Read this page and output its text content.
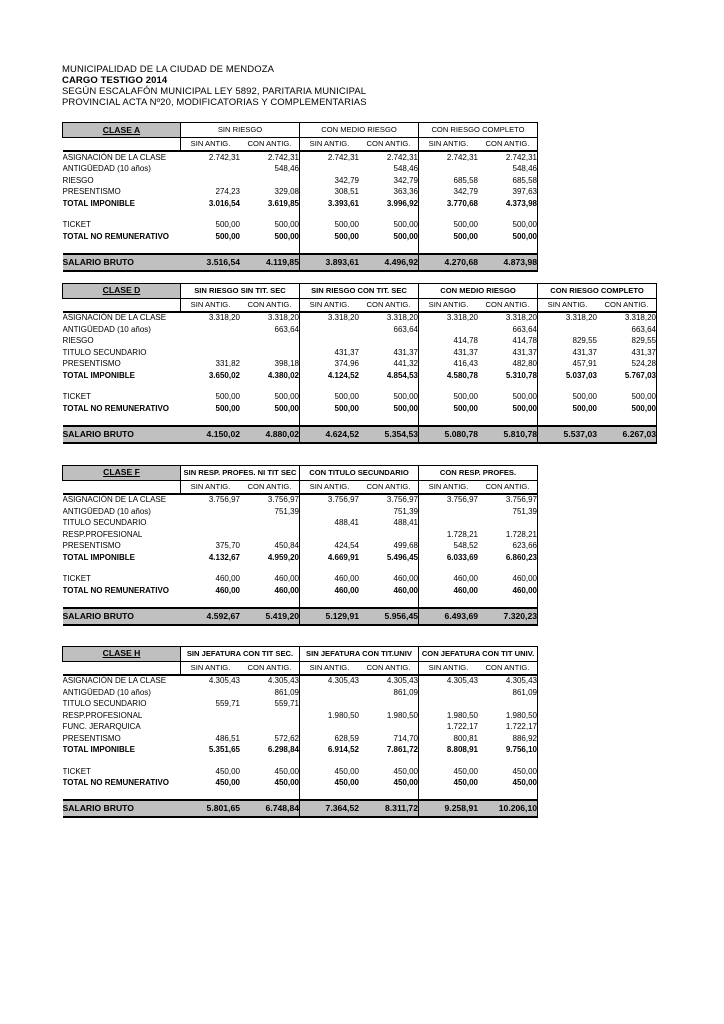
MUNICIPALIDAD DE LA CIUDAD DE MENDOZA
CARGO TESTIGO 2014
SEGÚN ESCALAFÓN MUNICIPAL LEY 5892, PARITARIA MUNICIPAL
PROVINCIAL ACTA Nº20, MODIFICATORIAS Y COMPLEMENTARIAS
CLASE A	SIN RIESGO		CON MEDIO RIESGO		CON RIESGO COMPLETO	
	SIN ANTIG.	CON ANTIG.	SIN ANTIG.	CON ANTIG.	SIN ANTIG.	CON ANTIG.
ASIGNACIÓN DE LA CLASE	2.742,31	2.742,31	2.742,31	2.742,31	2.742,31	2.742,31
ANTIGÜEDAD (10 años)		548,46		548,46		548,46
RIESGO			342,79	342,79	685,58	685,58
PRESENTISMO	274,23	329,08	308,51	363,36	342,79	397,63
TOTAL IMPONIBLE	3.016,54	3.619,85	3.393,61	3.996,92	3.770,68	4.373,98

TICKET	500,00	500,00	500,00	500,00	500,00	500,00
TOTAL NO REMUNERATIVO	500,00	500,00	500,00	500,00	500,00	500,00

SALARIO BRUTO	3.516,54	4.119,85	3.893,61	4.496,92	4.270,68	4.873,98
CLASE D	SIN RIESGO SIN TIT. SEC		SIN RIESGO CON TIT. SEC		CON MEDIO RIESGO		CON RIESGO COMPLETO	
	SIN ANTIG.	CON ANTIG.	SIN ANTIG.	CON ANTIG.	SIN ANTIG.	CON ANTIG.	SIN ANTIG.	CON ANTIG.
ASIGNACIÓN DE LA CLASE	3.318,20	3.318,20	3.318,20	3.318,20	3.318,20	3.318,20	3.318,20	3.318,20
ANTIGÜEDAD (10 años)		663,64		663,64		663,64		663,64
RIESGO					414,78	414,78	829,55	829,55
TITULO SECUNDARIO			431,37	431,37	431,37	431,37	431,37	431,37
PRESENTISMO	331,82	398,18	374,96	441,32	416,43	482,80	457,91	524,28
TOTAL IMPONIBLE	3.650,02	4.380,02	4.124,52	4.854,53	4.580,78	5.310,78	5.037,03	5.767,03

TICKET	500,00	500,00	500,00	500,00	500,00	500,00	500,00	500,00
TOTAL NO REMUNERATIVO	500,00	500,00	500,00	500,00	500,00	500,00	500,00	500,00

SALARIO BRUTO	4.150,02	4.880,02	4.624,52	5.354,53	5.080,78	5.810,78	5.537,03	6.267,03
CLASE F	SIN RESP. PROFES. NI TIT SEC		CON TITULO SECUNDARIO		CON RESP. PROFES.	
	SIN ANTIG.	CON ANTIG.	SIN ANTIG.	CON ANTIG.	SIN ANTIG.	CON ANTIG.
ASIGNACIÓN DE LA CLASE	3.756,97	3.756,97	3.756,97	3.756,97	3.756,97	3.756,97
ANTIGÜEDAD (10 años)		751,39		751,39		751,39
TITULO SECUNDARIO			488,41	488,41		
RESP.PROFESIONAL					1.728,21	1.728,21
PRESENTISMO	375,70	450,84	424,54	499,68	548,52	623,66
TOTAL IMPONIBLE	4.132,67	4.959,20	4.669,91	5.496,45	6.033,69	6.860,23

TICKET	460,00	460,00	460,00	460,00	460,00	460,00
TOTAL NO REMUNERATIVO	460,00	460,00	460,00	460,00	460,00	460,00

SALARIO BRUTO	4.592,67	5.419,20	5.129,91	5.956,45	6.493,69	7.320,23
CLASE H	SIN JEFATURA CON TIT SEC.		SIN JEFATURA CON TIT.UNIV		CON JEFATURA CON TIT UNIV.	
	SIN ANTIG.	CON ANTIG.	SIN ANTIG.	CON ANTIG.	SIN ANTIG.	CON ANTIG.
ASIGNACIÓN DE LA CLASE	4.305,43	4.305,43	4.305,43	4.305,43	4.305,43	4.305,43
ANTIGÜEDAD (10 años)		861,09		861,09		861,09
TITULO SECUNDARIO	559,71	559,71				
RESP.PROFESIONAL			1.980,50	1.980,50	1.980,50	1.980,50
FUNC. JERARQUICA					1.722,17	1.722,17
PRESENTISMO	486,51	572,62	628,59	714,70	800,81	886,92
TOTAL IMPONIBLE	5.351,65	6.298,84	6.914,52	7.861,72	8.808,91	9.756,10

TICKET	450,00	450,00	450,00	450,00	450,00	450,00
TOTAL NO REMUNERATIVO	450,00	450,00	450,00	450,00	450,00	450,00

SALARIO BRUTO	5.801,65	6.748,84	7.364,52	8.311,72	9.258,91	10.206,10
